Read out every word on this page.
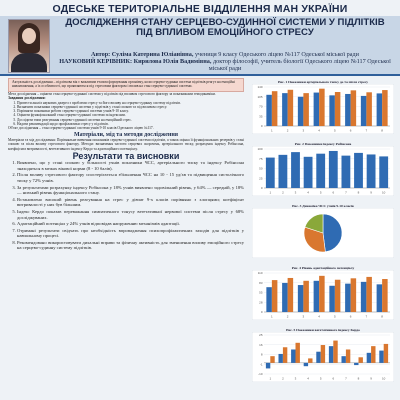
ОДЕСЬКЕ ТЕРИТОРІАЛЬНЕ ВІДДІЛЕННЯ МАН УКРАЇНИ
ДОСЛІДЖЕННЯ СТАНУ СЕРЦЕВО-СУДИННОЇ СИСТЕМИ У ПІДЛІТКІВ ПІД ВПЛИВОМ ЕМОЦІЙНОГО СТРЕСУ
Автор: Суліма Катерина Юліанівна, учениця 9 класу Одеського ліцею №117 Одеської міської ради
НАУКОВИЙ КЕРІВНИК: Кирилова Юлія Вадимівна, доктор філософії, учитель біології Одеського ліцею №117 Одеської міської ради
Актуальність дослідження – підліткова вік є важливим етапом формування організму, коли серцево-судинна система підлітків реагує на емоційні навантаження, а їх особливості, що проявляються під стресовим фактором і вплив на стан серцево-судинної системи.

Мета дослідження – оцінити стан серцево-судинної системи у підлітків під впливом стресового фактору за показниками гемодинаміки.

Завдання дослідження:

1. Провести аналіз наукових джерел з проблеми стресу та його впливу на серцево-судинну систему підлітків.
2. Визначити показники серцево-судинної системи у підлітків у стані спокою та під впливом стресу.
3. Порівняти показники роботи серцево-судинної системи учнів 9-10 класу.
4. Оцінити функціональний стан серцево-судинної системи за індексами.
5. Дослідити типи реагування серцево-судинної системи на емоційний стрес.
6. Надати рекомендації щодо профілактики стресу у підлітків.

Об'єкт дослідження – стан серцево-судинної системи учнів 9-10 класів Одеського ліцею №117.

Матеріали, мід та методи дослідження

Матеріали та мід дослідження: Порівняльне вивчення показників серцево-судинної системи підлітків, а також оцінка її функціональних резервів у стані спокою та після впливу стресового фактору. Методи: визначення частоти серцевих скорочень, артеріального тиску, розрахунок індексу Робінсона, коефіцієнта витривалості, вегетативного індексу Кердо та адаптаційного потенціалу.

Результати та висновки
1. Виявлено, що у стані спокою у більшості учнів показники ЧСС, артеріального тиску та індексу Робінсона знаходяться в межах вікової норми (8 - 10 балів).
2. Після впливу стресового фактору спостерігається збільшення ЧСС на 10 - 15 уд/хв та підвищення систолічного тиску у 72% учнів.
3. За результатами розрахунку індексу Робінсона у 18% учнів виявлено задовільний рівень, у 64% — середній, у 18% — низький рівень функціонального стану.
4. Встановлено високий рівень реагування на стрес у дівчат 9-х класів порівняно з хлопцями; коефіцієнт витривалості у них був більшим.
5. Індекс Кердо показав переважання симпатичного тонусу вегетативної нервової системи після стресу у 68% досліджуваних.
6. Адаптаційний потенціал у 24% учнів відповідав напруженню механізмів адаптації.
7. Отримані результати свідчать про необхідність впровадження психопрофілактичних заходів для підлітків у навчальному процесі.
8. Рекомендовано використовувати дихальні вправи та фізичну активність для зменшення впливу емоційного стресу на серцево-судинну систему підлітків.
Рис. 1 Показники артеріального тиску до та після стресу
0
35
70
105
140
1	2	3	4	5	6	7	8
Рис. 2 Показники індексу Робінсона
0
25
50
75
100
1	2	3	4	5	6	7	8	9	10
Рис. 3 Динаміка ЧСС учнів 9-10 класів
Рис. 4 Рівень адаптаційного потенціалу
0
28
55
83
110
1	2	3	4	5	6	7	8
Рис. 5 Показники вегетативного індексу Кердо
-10
-1
8
16
25
1	2	3	4	5	6	7	8	9	10
